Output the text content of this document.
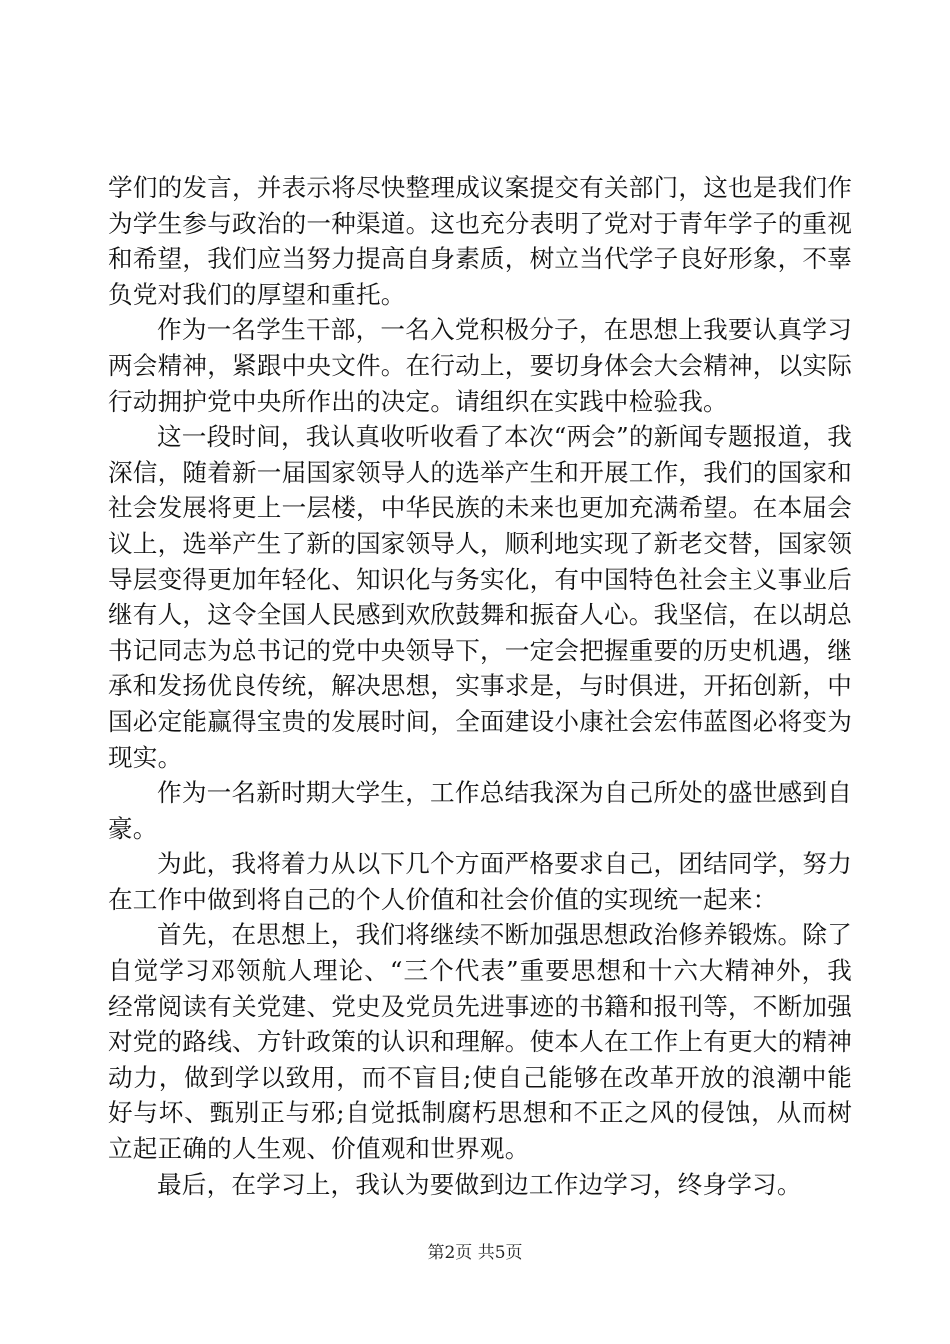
学们的发言，并表示将尽快整理成议案提交有关部门，这也是我们作为学生参与政治的一种渠道。这也充分表明了党对于青年学子的重视和希望，我们应当努力提高自身素质，树立当代学子良好形象，不辜负党对我们的厚望和重托。

作为一名学生干部，一名入党积极分子，在思想上我要认真学习两会精神，紧跟中央文件。在行动上，要切身体会大会精神，以实际行动拥护党中央所作出的决定。请组织在实践中检验我。

这一段时间，我认真收听收看了本次“两会”的新闻专题报道，我深信，随着新一届国家领导人的选举产生和开展工作，我们的国家和社会发展将更上一层楼，中华民族的未来也更加充满希望。在本届会议上，选举产生了新的国家领导人，顺利地实现了新老交替，国家领导层变得更加年轻化、知识化与务实化，有中国特色社会主义事业后继有人，这令全国人民感到欢欣鼓舞和振奋人心。我坚信，在以胡总书记同志为总书记的党中央领导下，一定会把握重要的历史机遇，继承和发扬优良传统，解决思想，实事求是，与时俱进，开拓创新，中国必定能赢得宝贵的发展时间，全面建设小康社会宏伟蓝图必将变为现实。

作为一名新时期大学生，工作总结我深为自己所处的盛世感到自豪。

为此，我将着力从以下几个方面严格要求自己，团结同学，努力在工作中做到将自己的个人价值和社会价值的实现统一起来：

首先，在思想上，我们将继续不断加强思想政治修养锻炼。除了自觉学习邓领航人理论、“三个代表”重要思想和十六大精神外，我经常阅读有关党建、党史及党员先进事迹的书籍和报刊等，不断加强对党的路线、方针政策的认识和理解。使本人在工作上有更大的精神动力，做到学以致用，而不盲目;使自己能够在改革开放的浪潮中能好与坏、甄别正与邪;自觉抵制腐朽思想和不正之风的侵蚀，从而树立起正确的人生观、价值观和世界观。

最后，在学习上，我认为要做到边工作边学习，终身学习。

第2页 共5页
